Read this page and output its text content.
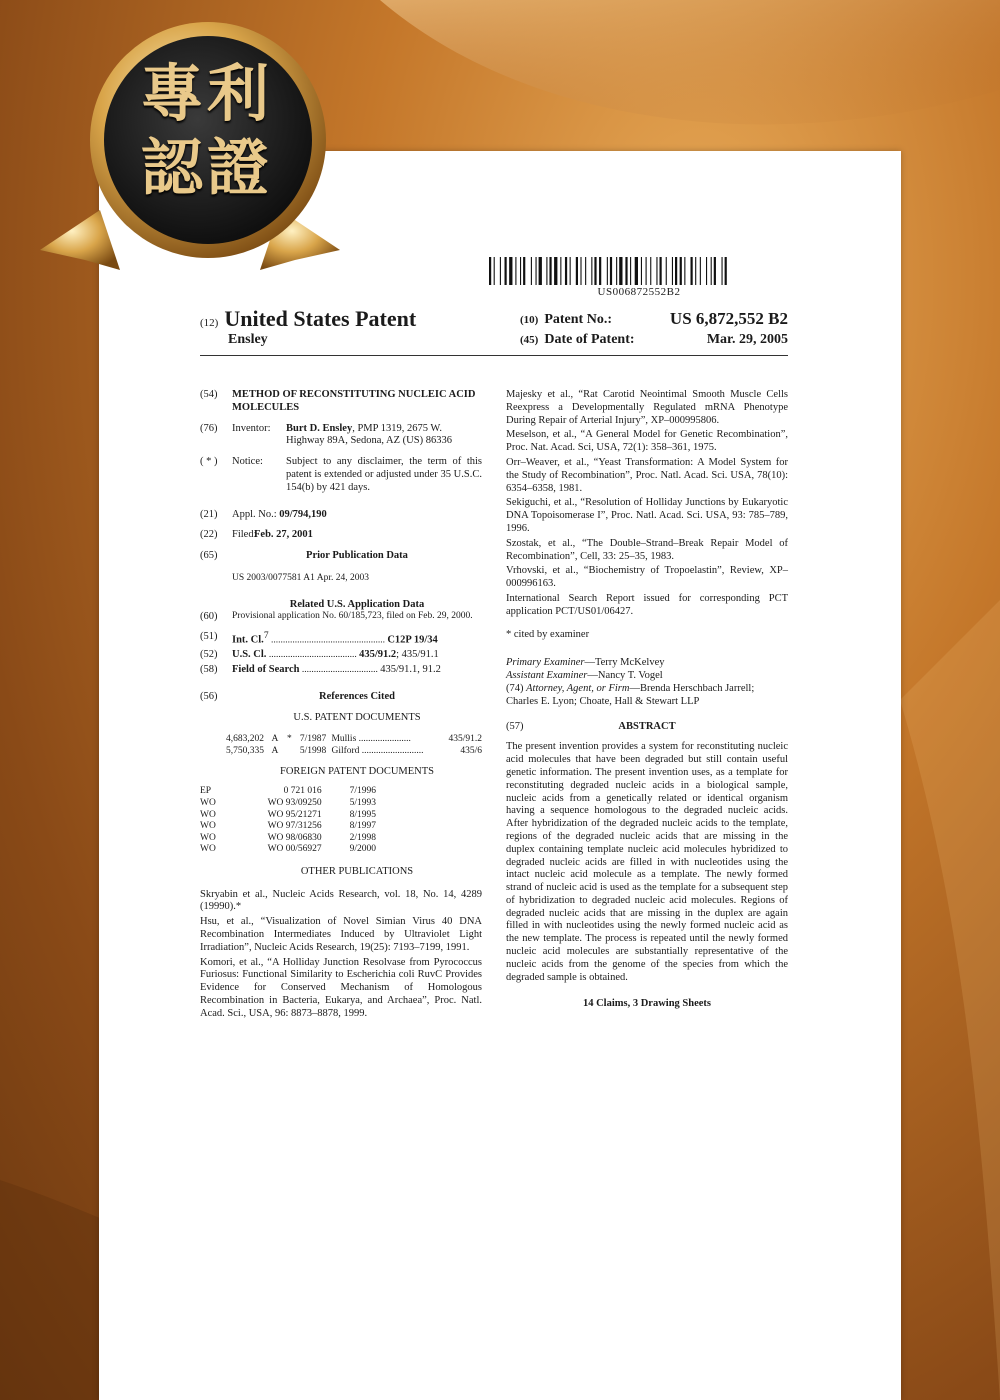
US006872552B2
(12) United States Patent
Ensley
(10) Patent No.:	US 6,872,552 B2
(45) Date of Patent:	Mar. 29, 2005
(54)	METHOD OF RECONSTITUTING NUCLEIC ACID MOLECULES
(76)	Inventor:	Burt D. Ensley, PMP 1319, 2675 W. Highway 89A, Sedona, AZ (US) 86336
( * )	Notice:	Subject to any disclaimer, the term of this patent is extended or adjusted under 35 U.S.C. 154(b) by 421 days.
(21)	Appl. No.: 09/794,190
(22)	Filed:
Feb. 27, 2001
(65)	Prior Publication Data
US 2003/0077581 A1 Apr. 24, 2003
Related U.S. Application Data
(60)	Provisional application No. 60/185,723, filed on Feb. 29, 2000.
(51)	Int. Cl.$^7$ ................................................ C12P 19/34
(52)	U.S. Cl. ..................................... 435/91.2; 435/91.1
(58)	Field of Search ................................ 435/91.1, 91.2
(56)	References Cited
U.S. PATENT DOCUMENTS
4,683,202	A	*	7/1987	Mullis ......................	435/91.2
5,750,335	A		5/1998	Gilford ..........................	435/6
FOREIGN PATENT DOCUMENTS
EP	0 721 016	7/1996
WO	WO 93/09250	5/1993
WO	WO 95/21271	8/1995
WO	WO 97/31256	8/1997
WO	WO 98/06830	2/1998
WO	WO 00/56927	9/2000
OTHER PUBLICATIONS

Skryabin et al., Nucleic Acids Research, vol. 18, No. 14, 4289 (19990).*

Hsu, et al., “Visualization of Novel Simian Virus 40 DNA Recombination Intermediates Induced by Ultraviolet Light Irradiation”, Nucleic Acids Research, 19(25): 7193–7199, 1991.

Komori, et al., “A Holliday Junction Resolvase from Pyrococcus Furiosus: Functional Similarity to Escherichia coli RuvC Provides Evidence for Conserved Mechanism of Homologous Recombination in Bacteria, Eukarya, and Archaea”, Proc. Natl. Acad. Sci., USA, 96: 8873–8878, 1999.

Majesky et al., “Rat Carotid Neointimal Smooth Muscle Cells Reexpress a Developmentally Regulated mRNA Phenotype During Repair of Arterial Injury”, XP–000995806.

Meselson, et al., “A General Model for Genetic Recombination”, Proc. Nat. Acad. Sci, USA, 72(1): 358–361, 1975.

Orr–Weaver, et al., “Yeast Transformation: A Model System for the Study of Recombination”, Proc. Natl. Acad. Sci. USA, 78(10): 6354–6358, 1981.

Sekiguchi, et al., “Resolution of Holliday Junctions by Eukaryotic DNA Topoisomerase I”, Proc. Natl. Acad. Sci. USA, 93: 785–789, 1996.

Szostak, et al., “The Double–Strand–Break Repair Model of Recombination”, Cell, 33: 25–35, 1983.

Vrhovski, et al., “Biochemistry of Tropoelastin”, Review, XP–000996163.

International Search Report issued for corresponding PCT application PCT/US01/06427.

* cited by examiner
Primary Examiner—Terry McKelvey
Assistant Examiner—Nancy T. Vogel
(74) Attorney, Agent, or Firm—Brenda Herschbach Jarrell; Charles E. Lyon; Choate, Hall & Stewart LLP
(57)	ABSTRACT
The present invention provides a system for reconstituting nucleic acid molecules that have been degraded but still contain useful genetic information. The present invention uses, as a template for reconstituting degraded nucleic acids in a biological sample, nucleic acids from a genetically related or identical organism having a sequence homologous to the degraded nucleic acids. After hybridization of the degraded nucleic acids to the template, regions of the degraded nucleic acids that are missing in the duplex containing template nucleic acid molecules hybridized to degraded nucleic acids are filled in with nucleotides using the intact nucleic acid molecule as a template. The newly formed strand of nucleic acid is used as the template for a subsequent step of hybridization to degraded nucleic acid molecules. Regions of degraded nucleic acids that are missing in the duplex are again filled in with nucleotides using the newly formed nucleic acid as the new template. The process is repeated until the newly formed nucleic acid molecules are substantially representative of the nucleic acids from the genome of the species from which the degraded sample is obtained.
14 Claims, 3 Drawing Sheets
專利
認證
